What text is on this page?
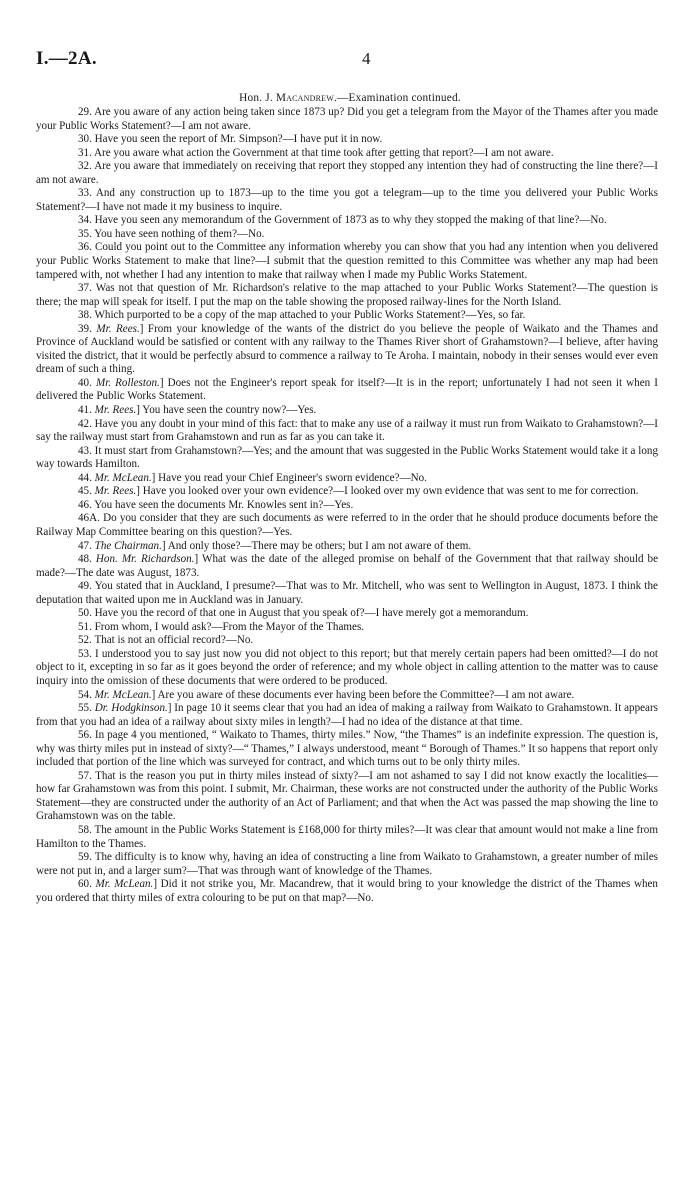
I.—2A.	4
Hon. J. Macandrew.—Examination continued.

29. Are you aware of any action being taken since 1873 up? Did you get a telegram from the Mayor of the Thames after you made your Public Works Statement?—I am not aware.

30. Have you seen the report of Mr. Simpson?—I have put it in now.

31. Are you aware what action the Government at that time took after getting that report?—I am not aware.

32. Are you aware that immediately on receiving that report they stopped any intention they had of constructing the line there?—I am not aware.

33. And any construction up to 1873—up to the time you got a telegram—up to the time you delivered your Public Works Statement?—I have not made it my business to inquire.

34. Have you seen any memorandum of the Government of 1873 as to why they stopped the making of that line?—No.

35. You have seen nothing of them?—No.

36. Could you point out to the Committee any information whereby you can show that you had any intention when you delivered your Public Works Statement to make that line?—I submit that the question remitted to this Committee was whether any map had been tampered with, not whether I had any intention to make that railway when I made my Public Works Statement.

37. Was not that question of Mr. Richardson's relative to the map attached to your Public Works Statement?—The question is there; the map will speak for itself. I put the map on the table showing the proposed railway-lines for the North Island.

38. Which purported to be a copy of the map attached to your Public Works Statement?—Yes, so far.

39. Mr. Rees.] From your knowledge of the wants of the district do you believe the people of Waikato and the Thames and Province of Auckland would be satisfied or content with any railway to the Thames River short of Grahamstown?—I believe, after having visited the district, that it would be perfectly absurd to commence a railway to Te Aroha. I maintain, nobody in their senses would ever even dream of such a thing.

40. Mr. Rolleston.] Does not the Engineer's report speak for itself?—It is in the report; unfortunately I had not seen it when I delivered the Public Works Statement.

41. Mr. Rees.] You have seen the country now?—Yes.

42. Have you any doubt in your mind of this fact: that to make any use of a railway it must run from Waikato to Grahamstown?—I say the railway must start from Grahamstown and run as far as you can take it.

43. It must start from Grahamstown?—Yes; and the amount that was suggested in the Public Works Statement would take it a long way towards Hamilton.

44. Mr. McLean.] Have you read your Chief Engineer's sworn evidence?—No.

45. Mr. Rees.] Have you looked over your own evidence?—I looked over my own evidence that was sent to me for correction.

46. You have seen the documents Mr. Knowles sent in?—Yes.

46A. Do you consider that they are such documents as were referred to in the order that he should produce documents before the Railway Map Committee bearing on this question?—Yes.

47. The Chairman.] And only those?—There may be others; but I am not aware of them.

48. Hon. Mr. Richardson.] What was the date of the alleged promise on behalf of the Government that that railway should be made?—The date was August, 1873.

49. You stated that in Auckland, I presume?—That was to Mr. Mitchell, who was sent to Wellington in August, 1873. I think the deputation that waited upon me in Auckland was in January.

50. Have you the record of that one in August that you speak of?—I have merely got a memorandum.

51. From whom, I would ask?—From the Mayor of the Thames.

52. That is not an official record?—No.

53. I understood you to say just now you did not object to this report; but that merely certain papers had been omitted?—I do not object to it, excepting in so far as it goes beyond the order of reference; and my whole object in calling attention to the matter was to cause inquiry into the omission of these documents that were ordered to be produced.

54. Mr. McLean.] Are you aware of these documents ever having been before the Committee?—I am not aware.

55. Dr. Hodgkinson.] In page 10 it seems clear that you had an idea of making a railway from Waikato to Grahamstown. It appears from that you had an idea of a railway about sixty miles in length?—I had no idea of the distance at that time.

56. In page 4 you mentioned, “ Waikato to Thames, thirty miles.” Now, “the Thames” is an indefinite expression. The question is, why was thirty miles put in instead of sixty?—“ Thames,” I always understood, meant “ Borough of Thames.” It so happens that report only included that portion of the line which was surveyed for contract, and which turns out to be only thirty miles.

57. That is the reason you put in thirty miles instead of sixty?—I am not ashamed to say I did not know exactly the localities—how far Grahamstown was from this point. I submit, Mr. Chairman, these works are not constructed under the authority of the Public Works Statement—they are constructed under the authority of an Act of Parliament; and that when the Act was passed the map showing the line to Grahamstown was on the table.

58. The amount in the Public Works Statement is £168,000 for thirty miles?—It was clear that amount would not make a line from Hamilton to the Thames.

59. The difficulty is to know why, having an idea of constructing a line from Waikato to Grahamstown, a greater number of miles were not put in, and a larger sum?—That was through want of knowledge of the Thames.

60. Mr. McLean.] Did it not strike you, Mr. Macandrew, that it would bring to your knowledge the district of the Thames when you ordered that thirty miles of extra colouring to be put on that map?—No.
